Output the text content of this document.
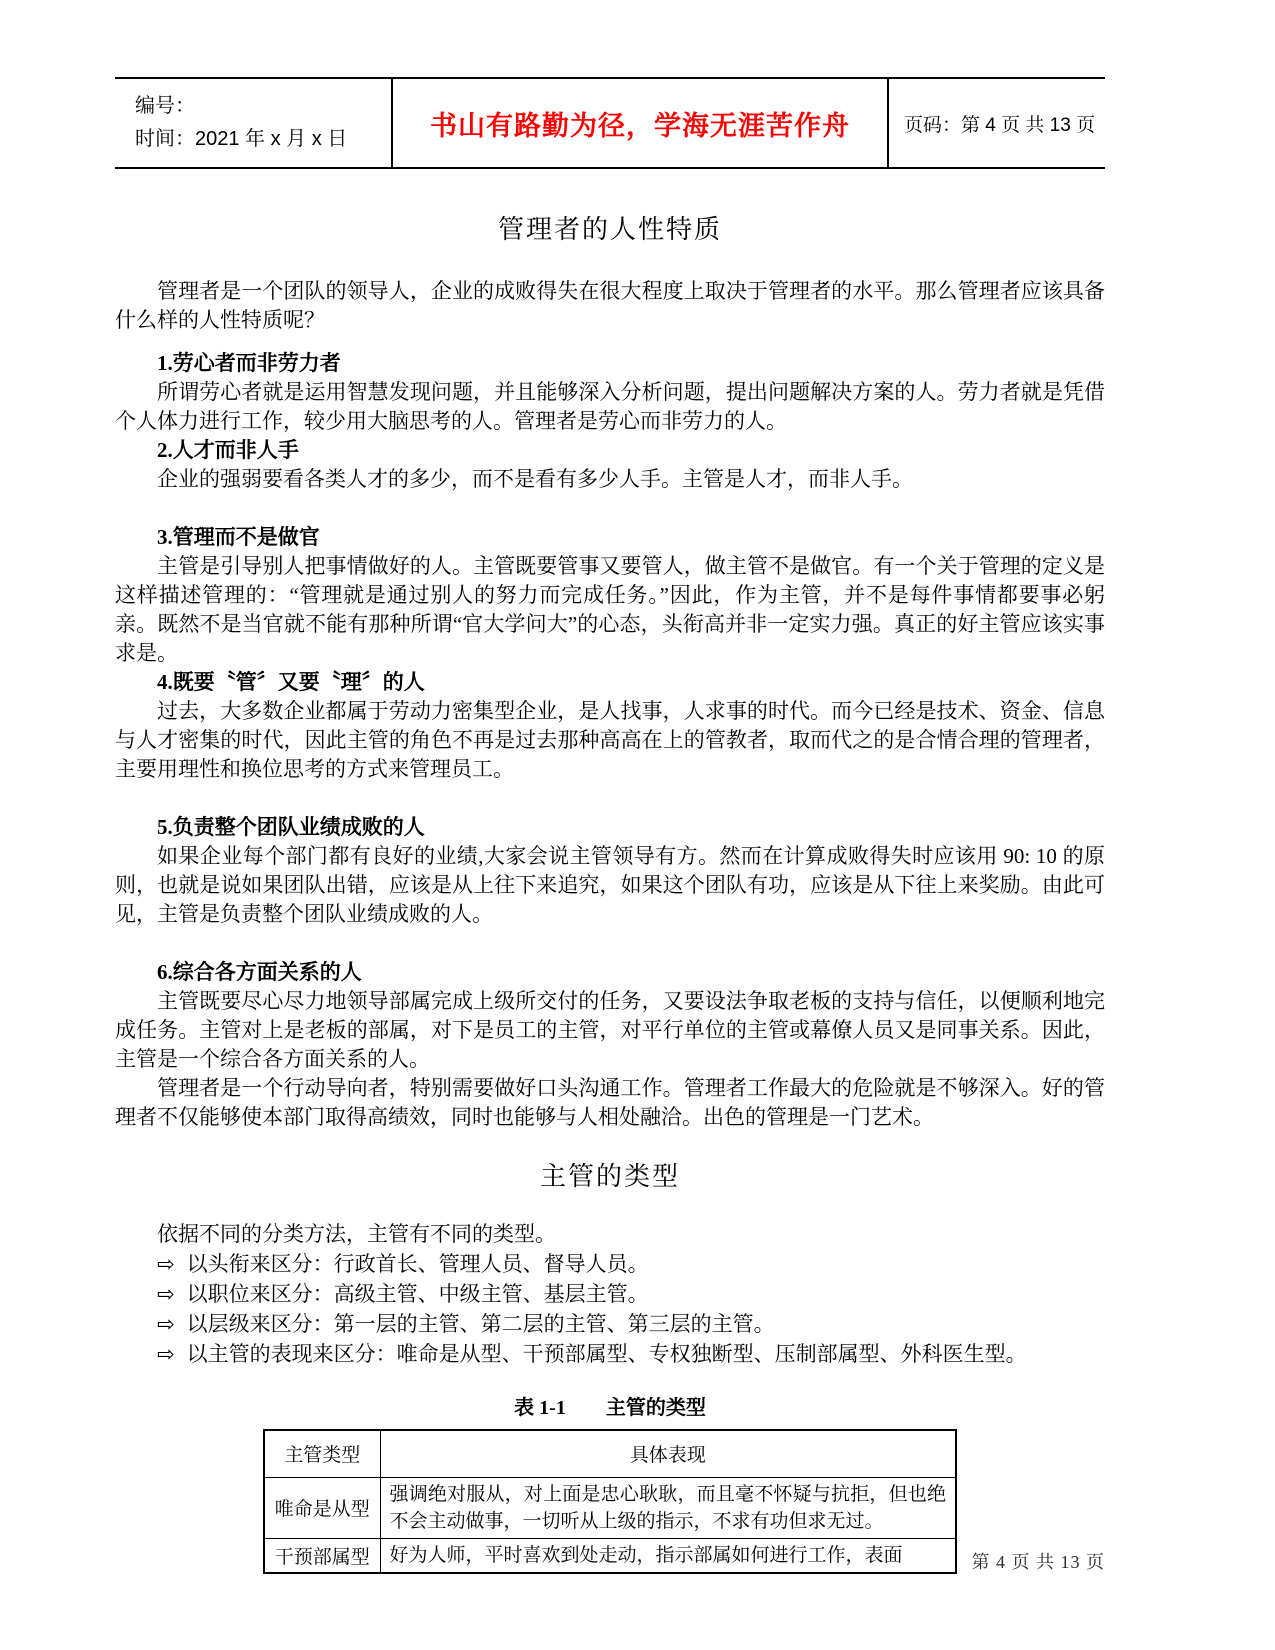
编号：
时间：2021 年 x 月 x 日	书山有路勤为径，学海无涯苦作舟	页码：第 4 页 共 13 页
管理者的人性特质

管理者是一个团队的领导人，企业的成败得失在很大程度上取决于管理者的水平。那么管理者应该具备什么样的人性特质呢？

1.劳心者而非劳力者

所谓劳心者就是运用智慧发现问题，并且能够深入分析问题，提出问题解决方案的人。劳力者就是凭借个人体力进行工作，较少用大脑思考的人。管理者是劳心而非劳力的人。

2.人才而非人手

企业的强弱要看各类人才的多少，而不是看有多少人手。主管是人才，而非人手。

3.管理而不是做官

主管是引导别人把事情做好的人。主管既要管事又要管人，做主管不是做官。有一个关于管理的定义是这样描述管理的：“管理就是通过别人的努力而完成任务。”因此，作为主管，并不是每件事情都要事必躬亲。既然不是当官就不能有那种所谓“官大学问大”的心态，头衔高并非一定实力强。真正的好主管应该实事求是。

4.既要〝管〞又要〝理〞的人

过去，大多数企业都属于劳动力密集型企业，是人找事，人求事的时代。而今已经是技术、资金、信息与人才密集的时代，因此主管的角色不再是过去那种高高在上的管教者，取而代之的是合情合理的管理者，主要用理性和换位思考的方式来管理员工。

5.负责整个团队业绩成败的人

如果企业每个部门都有良好的业绩,大家会说主管领导有方。然而在计算成败得失时应该用 90: 10 的原则，也就是说如果团队出错，应该是从上往下来追究，如果这个团队有功，应该是从下往上来奖励。由此可见，主管是负责整个团队业绩成败的人。

6.综合各方面关系的人

主管既要尽心尽力地领导部属完成上级所交付的任务，又要设法争取老板的支持与信任，以便顺利地完成任务。主管对上是老板的部属，对下是员工的主管，对平行单位的主管或幕僚人员又是同事关系。因此，主管是一个综合各方面关系的人。

管理者是一个行动导向者，特别需要做好口头沟通工作。管理者工作最大的危险就是不够深入。好的管理者不仅能够使本部门取得高绩效，同时也能够与人相处融洽。出色的管理是一门艺术。

主管的类型

依据不同的分类方法，主管有不同的类型。

⇨ 以头衔来区分：行政首长、管理人员、督导人员。
⇨ 以职位来区分：高级主管、中级主管、基层主管。
⇨ 以层级来区分：第一层的主管、第二层的主管、第三层的主管。
⇨ 以主管的表现来区分：唯命是从型、干预部属型、专权独断型、压制部属型、外科医生型。
表 1-1 主管的类型
主管类型	具体表现
唯命是从型	强调绝对服从，对上面是忠心耿耿，而且毫不怀疑与抗拒，但也绝不会主动做事，一切听从上级的指示，不求有功但求无过。
干预部属型	好为人师，平时喜欢到处走动，指示部属如何进行工作，表面	第 4 页 共 13 页
